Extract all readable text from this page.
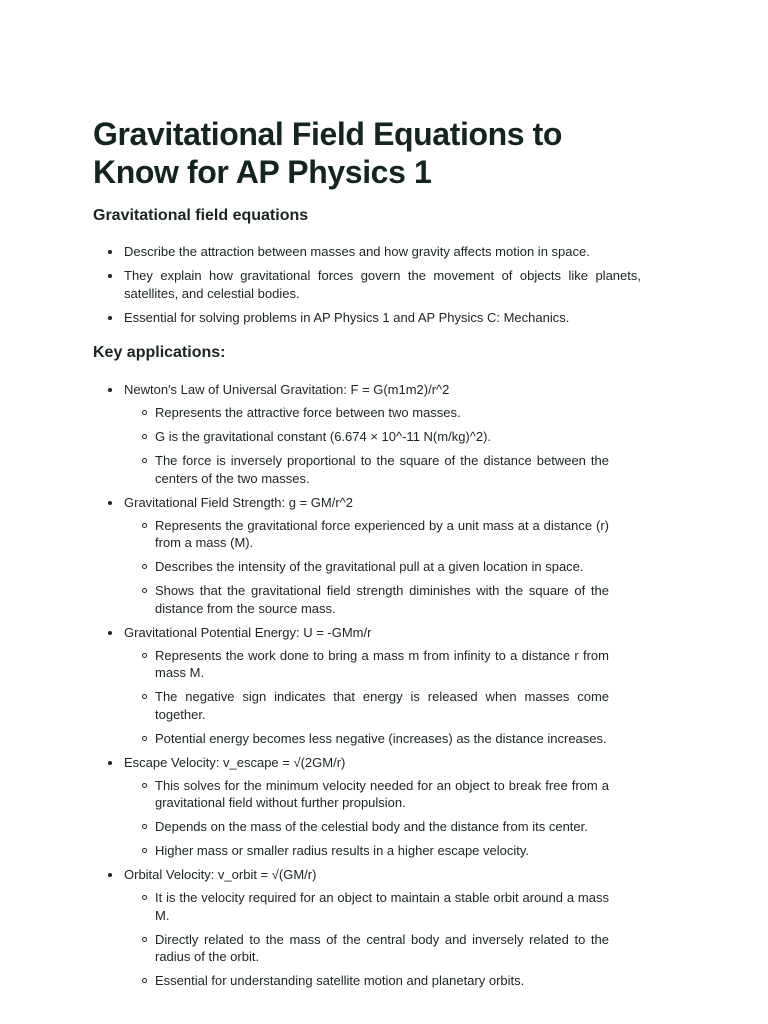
Gravitational Field Equations to Know for AP Physics 1
Gravitational field equations
Describe the attraction between masses and how gravity affects motion in space.
They explain how gravitational forces govern the movement of objects like planets, satellites, and celestial bodies.
Essential for solving problems in AP Physics 1 and AP Physics C: Mechanics.
Key applications:
Newton's Law of Universal Gravitation: F = G(m1m2)/r^2
Represents the attractive force between two masses.
G is the gravitational constant (6.674 × 10^-11 N(m/kg)^2).
The force is inversely proportional to the square of the distance between the centers of the two masses.
Gravitational Field Strength: g = GM/r^2
Represents the gravitational force experienced by a unit mass at a distance (r) from a mass (M).
Describes the intensity of the gravitational pull at a given location in space.
Shows that the gravitational field strength diminishes with the square of the distance from the source mass.
Gravitational Potential Energy: U = -GMm/r
Represents the work done to bring a mass m from infinity to a distance r from mass M.
The negative sign indicates that energy is released when masses come together.
Potential energy becomes less negative (increases) as the distance increases.
Escape Velocity: v_escape = √(2GM/r)
This solves for the minimum velocity needed for an object to break free from a gravitational field without further propulsion.
Depends on the mass of the celestial body and the distance from its center.
Higher mass or smaller radius results in a higher escape velocity.
Orbital Velocity: v_orbit = √(GM/r)
It is the velocity required for an object to maintain a stable orbit around a mass M.
Directly related to the mass of the central body and inversely related to the radius of the orbit.
Essential for understanding satellite motion and planetary orbits.
